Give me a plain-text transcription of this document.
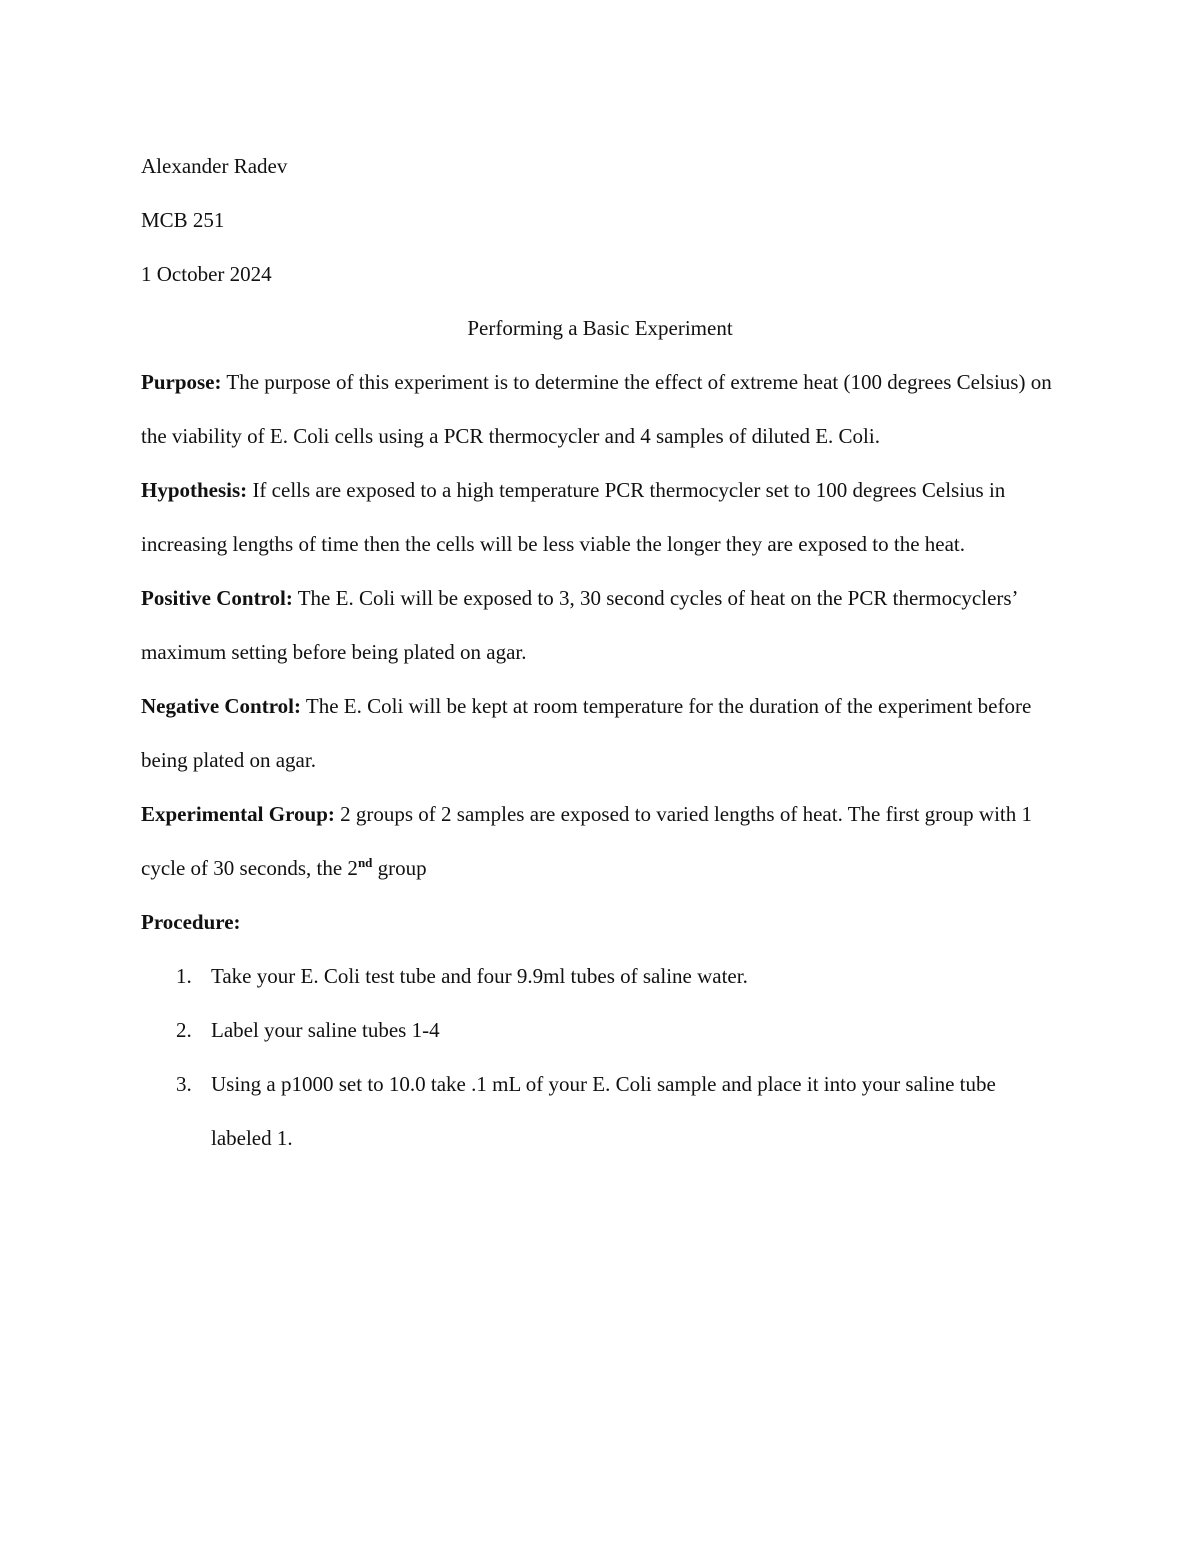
Alexander Radev

MCB 251

1 October 2024

Performing a Basic Experiment

Purpose: The purpose of this experiment is to determine the effect of extreme heat (100 degrees Celsius) on the viability of E. Coli cells using a PCR thermocycler and 4 samples of diluted E. Coli.

Hypothesis: If cells are exposed to a high temperature PCR thermocycler set to 100 degrees Celsius in increasing lengths of time then the cells will be less viable the longer they are exposed to the heat.

Positive Control: The E. Coli will be exposed to 3, 30 second cycles of heat on the PCR thermocyclers’ maximum setting before being plated on agar.

Negative Control: The E. Coli will be kept at room temperature for the duration of the experiment before being plated on agar.

Experimental Group: 2 groups of 2 samples are exposed to varied lengths of heat. The first group with 1 cycle of 30 seconds, the 2nd group

Procedure:

1. Take your E. Coli test tube and four 9.9ml tubes of saline water.
2. Label your saline tubes 1-4
3. Using a p1000 set to 10.0 take .1 mL of your E. Coli sample and place it into your saline tube labeled 1.
